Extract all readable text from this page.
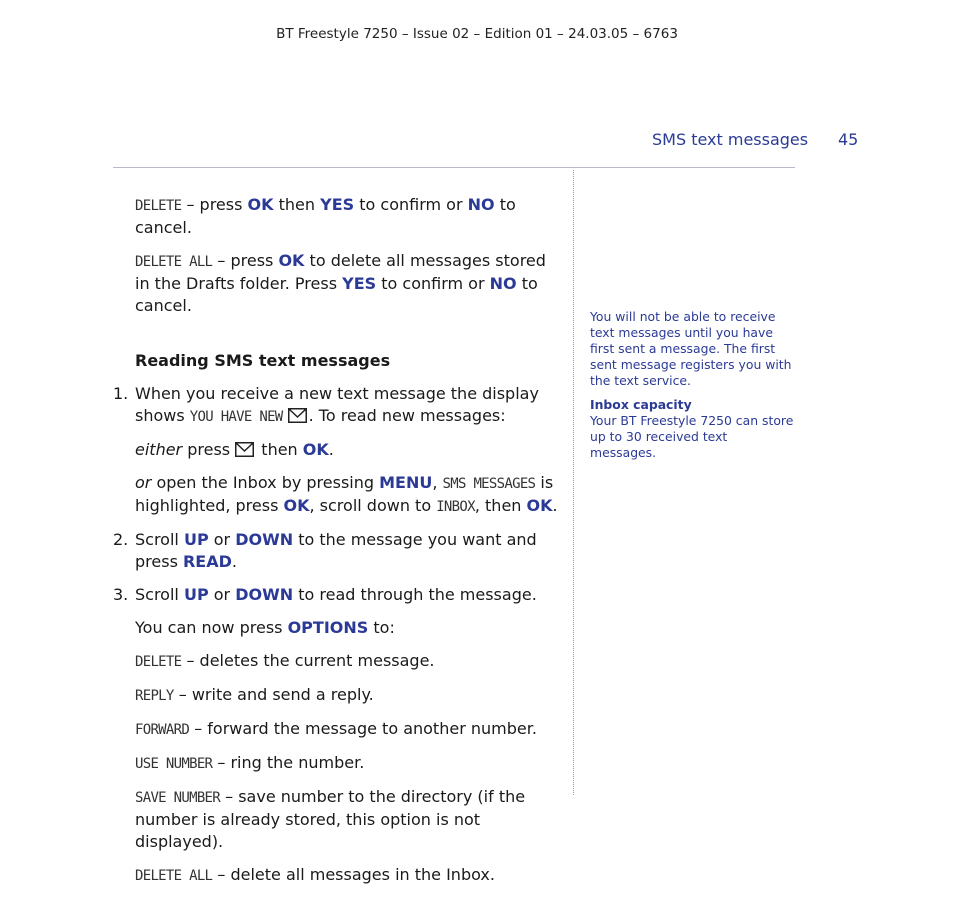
BT Freestyle 7250 – Issue 02 – Edition 01 – 24.03.05 – 6763
SMS text messages 45

DELETE – press OK then YES to confirm or NO to cancel.

DELETE ALL – press OK to delete all messages stored in the Drafts folder. Press YES to confirm or NO to cancel.

Reading SMS text messages

1. When you receive a new text message the display shows YOU HAVE NEW . To read new messages:

either press  then OK.

or open the Inbox by pressing MENU, SMS MESSAGES is highlighted, press OK, scroll down to INBOX, then OK.

2. Scroll UP or DOWN to the message you want and press READ.
3. Scroll UP or DOWN to read through the message.

You can now press OPTIONS to:

DELETE – deletes the current message.

REPLY – write and send a reply.

FORWARD – forward the message to another number.

USE NUMBER – ring the number.

SAVE NUMBER – save number to the directory (if the number is already stored, this option is not displayed).

DELETE ALL – delete all messages in the Inbox.

You will not be able to receive text messages until you have first sent a message. The first sent message registers you with the text service.

Inbox capacity
Your BT Freestyle 7250 can store up to 30 received text messages.
